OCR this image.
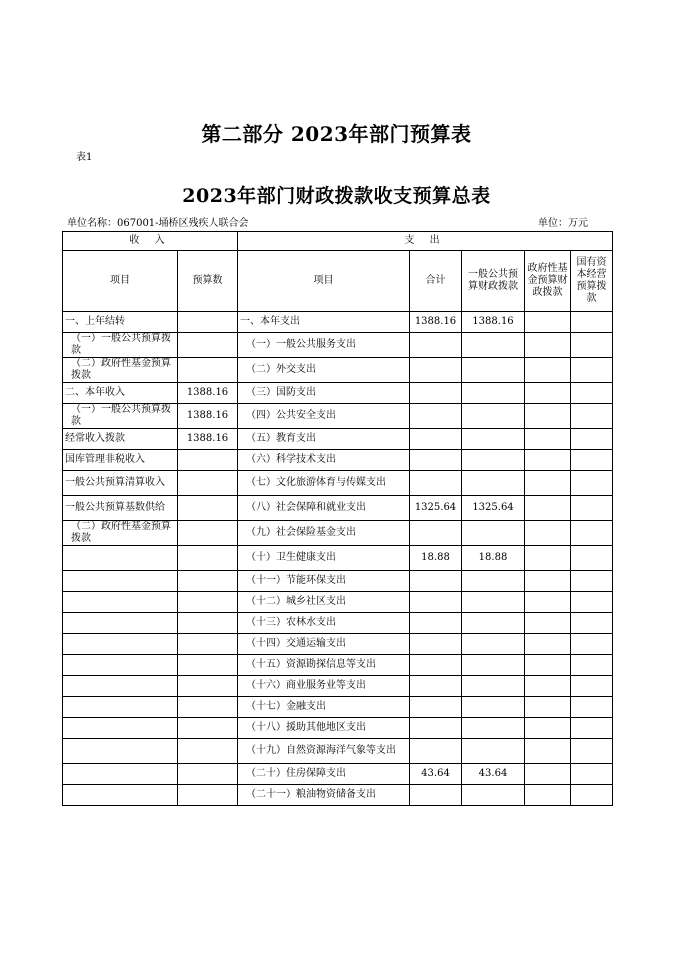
第二部分 2023年部门预算表
表1
2023年部门财政拨款收支预算总表
单位名称：067001-埇桥区残疾人联合会	单位：万元
收 入		支 出				
项目	预算数	项目	合计	一般公共预算财政拨款	政府性基金预算财政拨款	国有资本经营预算拨款
一、上年结转		一、本年支出	1388.16	1388.16		
（一）一般公共预算拨款		（一）一般公共服务支出				
（二）政府性基金预算拨款		（二）外交支出				
二、本年收入	1388.16	（三）国防支出				
（一）一般公共预算拨款	1388.16	（四）公共安全支出				
经常收入拨款	1388.16	（五）教育支出				
国库管理非税收入		（六）科学技术支出				
一般公共预算清算收入		（七）文化旅游体育与传媒支出				
一般公共预算基数供给		（八）社会保障和就业支出	1325.64	1325.64		
（二）政府性基金预算拨款		（九）社会保险基金支出				
		（十）卫生健康支出	18.88	18.88		
		（十一）节能环保支出				
		（十二）城乡社区支出				
		（十三）农林水支出				
		（十四）交通运输支出				
		（十五）资源勘探信息等支出				
		（十六）商业服务业等支出				
		（十七）金融支出				
		（十八）援助其他地区支出				
		（十九）自然资源海洋气象等支出				
		（二十）住房保障支出	43.64	43.64		
		（二十一）粮油物资储备支出				
